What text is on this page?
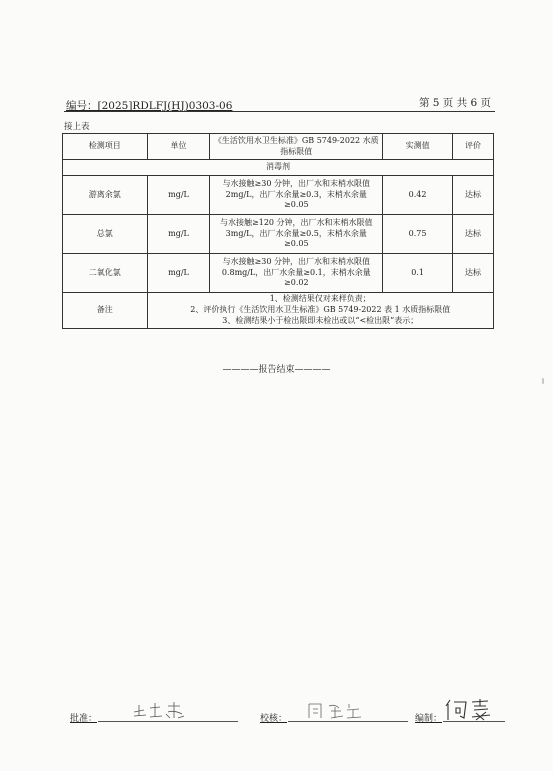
编号：[2025]RDLFJ(HJ)0303-06	第 5 页 共 6 页
接上表
检测项目	单位	《生活饮用水卫生标准》GB 5749-2022 水质指标限值	实测值	评价
消毒剂				
游离余氯	mg/L	与水接触≥30 分钟，出厂水和末梢水限值 2mg/L，出厂水余量≥0.3，末梢水余量≥0.05	0.42	达标
总氯	mg/L	与水接触≥120 分钟，出厂水和末梢水限值 3mg/L，出厂水余量≥0.5，末梢水余量≥0.05	0.75	达标
二氧化氯	mg/L	与水接触≥30 分钟，出厂水和末梢水限值 0.8mg/L，出厂水余量≥0.1，末梢水余量≥0.02	0.1	达标
备注	1、检测结果仅对来样负责；
2、评价执行《生活饮用水卫生标准》GB 5749-2022 表 1 水质指标限值
3、检测结果小于检出限即未检出或以“<检出限”表示；			
————报告结束————
批准：	校核：	编制：
